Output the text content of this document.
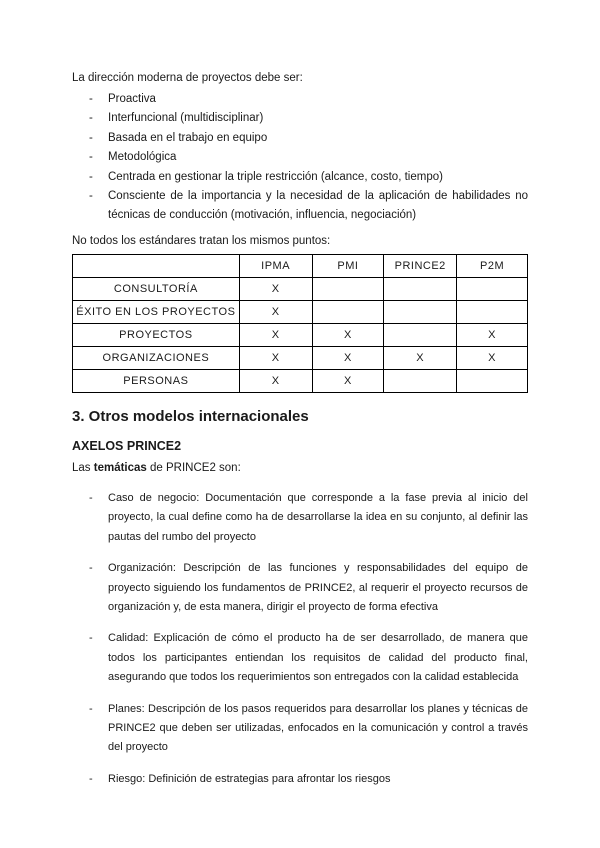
La dirección moderna de proyectos debe ser:

- Proactiva
- Interfuncional (multidisciplinar)
- Basada en el trabajo en equipo
- Metodológica
- Centrada en gestionar la triple restricción (alcance, costo, tiempo)
- Consciente de la importancia y la necesidad de la aplicación de habilidades no técnicas de conducción (motivación, influencia, negociación)

No todos los estándares tratan los mismos puntos:

	IPMA	PMI	PRINCE2	P2M
CONSULTORÍA	X			
ÉXITO EN LOS PROYECTOS	X			
PROYECTOS	X	X		X
ORGANIZACIONES	X	X	X	X
PERSONAS	X	X		
3. Otros modelos internacionales
AXELOS PRINCE2

Las temáticas de PRINCE2 son:

- Caso de negocio: Documentación que corresponde a la fase previa al inicio del proyecto, la cual define como ha de desarrollarse la idea en su conjunto, al definir las pautas del rumbo del proyecto
- Organización: Descripción de las funciones y responsabilidades del equipo de proyecto siguiendo los fundamentos de PRINCE2, al requerir el proyecto recursos de organización y, de esta manera, dirigir el proyecto de forma efectiva
- Calidad: Explicación de cómo el producto ha de ser desarrollado, de manera que todos los participantes entiendan los requisitos de calidad del producto final, asegurando que todos los requerimientos son entregados con la calidad establecida
- Planes: Descripción de los pasos requeridos para desarrollar los planes y técnicas de PRINCE2 que deben ser utilizadas, enfocados en la comunicación y control a través del proyecto
- Riesgo: Definición de estrategias para afrontar los riesgos
